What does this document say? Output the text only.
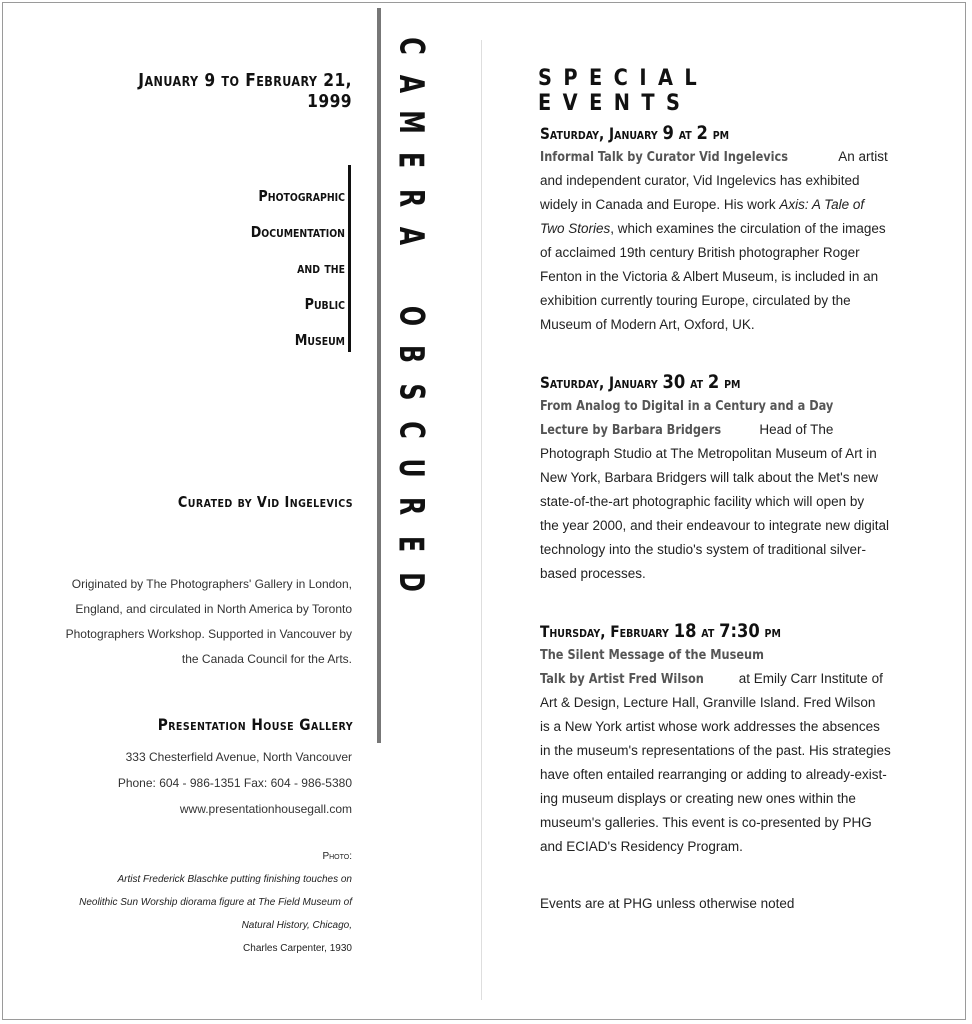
January 9 to February 21, 1999
Photographic
Documentation
and the
Public
Museum
Curated by Vid Ingelevics
Originated by The Photographers' Gallery in London,
England, and circulated in North America by Toronto
Photographers Workshop. Supported in Vancouver by
the Canada Council for the Arts.
Presentation House Gallery
333 Chesterfield Avenue, North Vancouver
Phone: 604 - 986-1351 Fax: 604 - 986-5380
www.presentationhousegall.com
Photo:
Artist Frederick Blaschke putting finishing touches on
Neolithic Sun Worship diorama figure at The Field Museum of
Natural History, Chicago,
Charles Carpenter, 1930
C
A
M
E
R
A
O
B
S
C
U
R
E
D
SPECIAL EVENTS
Saturday, January 9 at 2 pm
Informal Talk by Curator Vid Ingelevics	An artist
and independent curator, Vid Ingelevics has exhibited
widely in Canada and Europe. His work Axis: A Tale of
Two Stories, which examines the circulation of the images
of acclaimed 19th century British photographer Roger
Fenton in the Victoria & Albert Museum, is included in an
exhibition currently touring Europe, circulated by the
Museum of Modern Art, Oxford, UK.
Saturday, January 30 at 2 pm
From Analog to Digital in a Century and a Day
Lecture by Barbara Bridgers	Head of The
Photograph Studio at The Metropolitan Museum of Art in
New York, Barbara Bridgers will talk about the Met's new
state-of-the-art photographic facility which will open by
the year 2000, and their endeavour to integrate new digital
technology into the studio's system of traditional silver-
based processes.
Thursday, February 18 at 7:30 pm
The Silent Message of the Museum
Talk by Artist Fred Wilson at Emily Carr Institute of
Art & Design, Lecture Hall, Granville Island. Fred Wilson
is a New York artist whose work addresses the absences
in the museum's representations of the past. His strategies
have often entailed rearranging or adding to already-exist-
ing museum displays or creating new ones within the
museum's galleries. This event is co-presented by PHG
and ECIAD's Residency Program.
Events are at PHG unless otherwise noted
